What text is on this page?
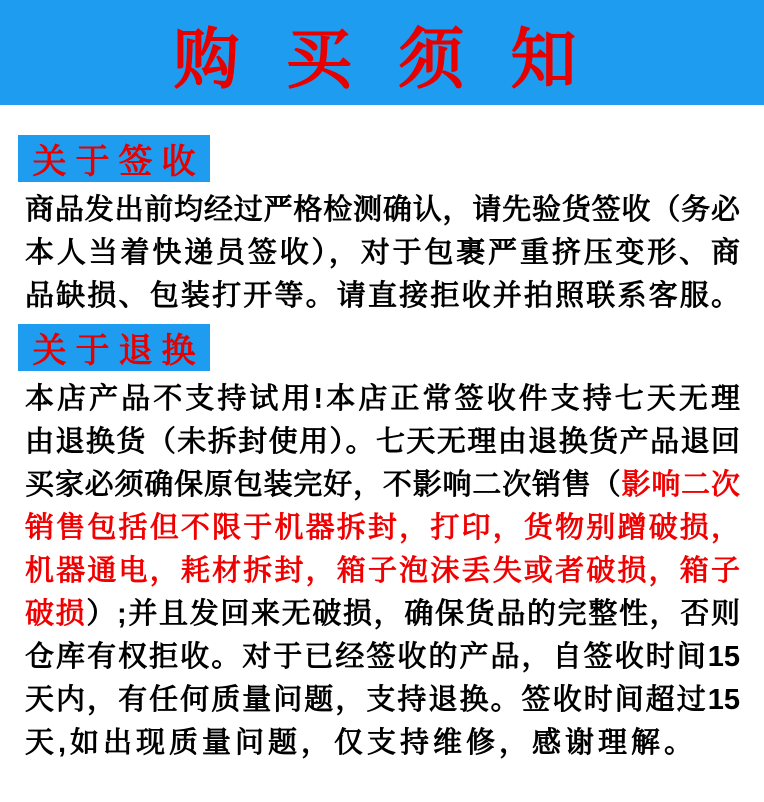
购 买 须 知
关于签收
商品发出前均经过严格检测确认，请先验货签收（务必
本人当着快递员签收），对于包裹严重挤压变形、商
品缺损、包装打开等。请直接拒收并拍照联系客服。
关于退换
本店产品不支持试用!本店正常签收件支持七天无理
由退换货（未拆封使用）。七天无理由退换货产品退回
买家必须确保原包装完好，不影响二次销售（影响二次
销售包括但不限于机器拆封，打印，货物别蹭破损，
机器通电，耗材拆封，箱子泡沫丢失或者破损，箱子
破损）;并且发回来无破损，确保货品的完整性，否则
仓库有权拒收。对于已经签收的产品，自签收时间15
天内，有任何质量问题，支持退换。签收时间超过15
天,如出现质量问题，仅支持维修，感谢理解。
